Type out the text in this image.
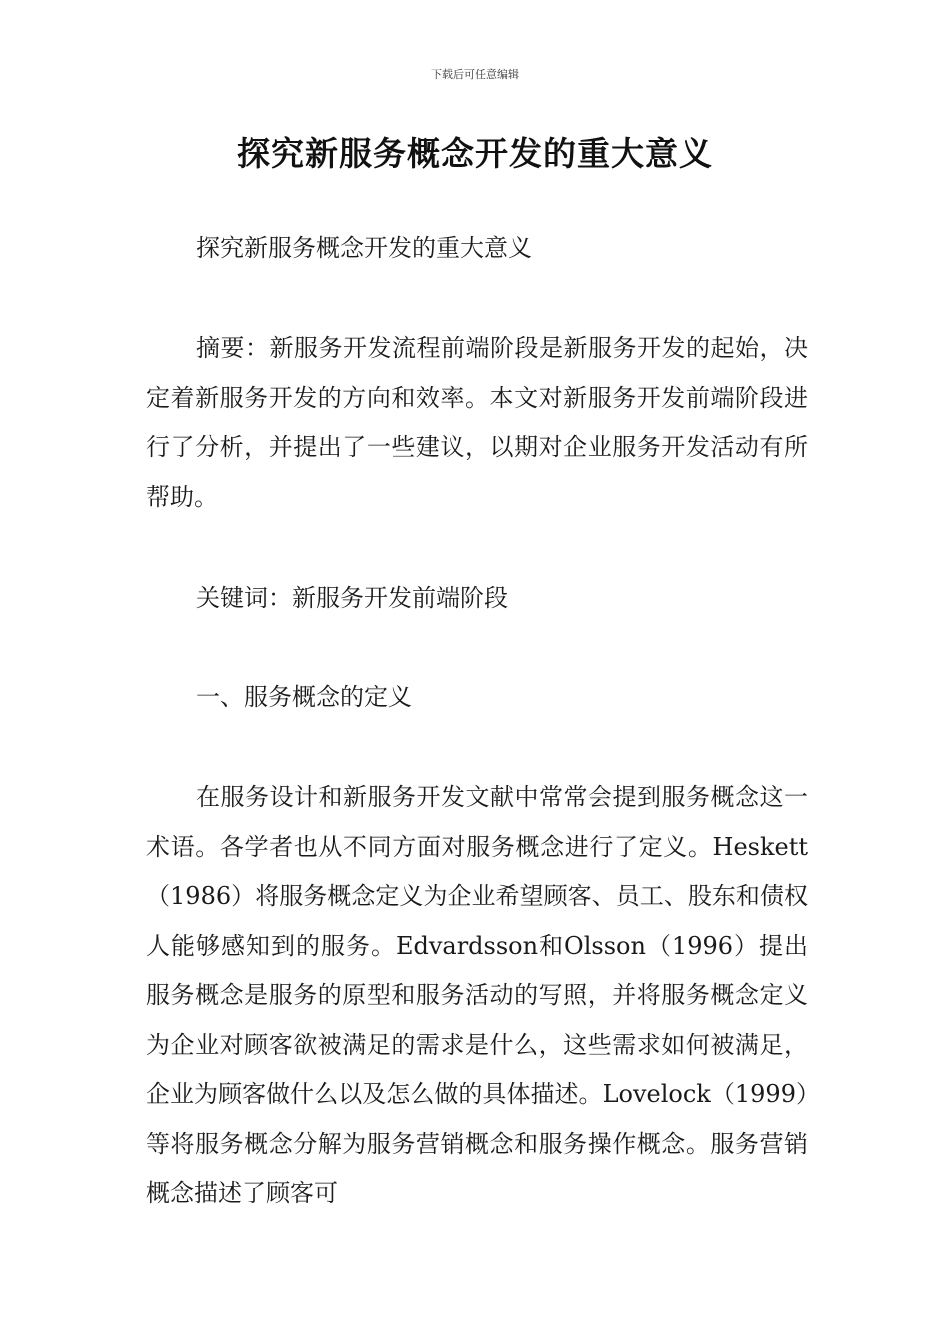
下载后可任意编辑
探究新服务概念开发的重大意义

探究新服务概念开发的重大意义

摘要：新服务开发流程前端阶段是新服务开发的起始，决定着新服务开发的方向和效率。本文对新服务开发前端阶段进行了分析，并提出了一些建议，以期对企业服务开发活动有所帮助。

关键词：新服务开发前端阶段

一、服务概念的定义

在服务设计和新服务开发文献中常常会提到服务概念这一术语。各学者也从不同方面对服务概念进行了定义。Heskett（1986）将服务概念定义为企业希望顾客、员工、股东和债权人能够感知到的服务。Edvardsson和Olsson（1996）提出服务概念是服务的原型和服务活动的写照，并将服务概念定义为企业对顾客欲被满足的需求是什么，这些需求如何被满足，企业为顾客做什么以及怎么做的具体描述。Lovelock（1999）等将服务概念分解为服务营销概念和服务操作概念。服务营销概念描述了顾客可
